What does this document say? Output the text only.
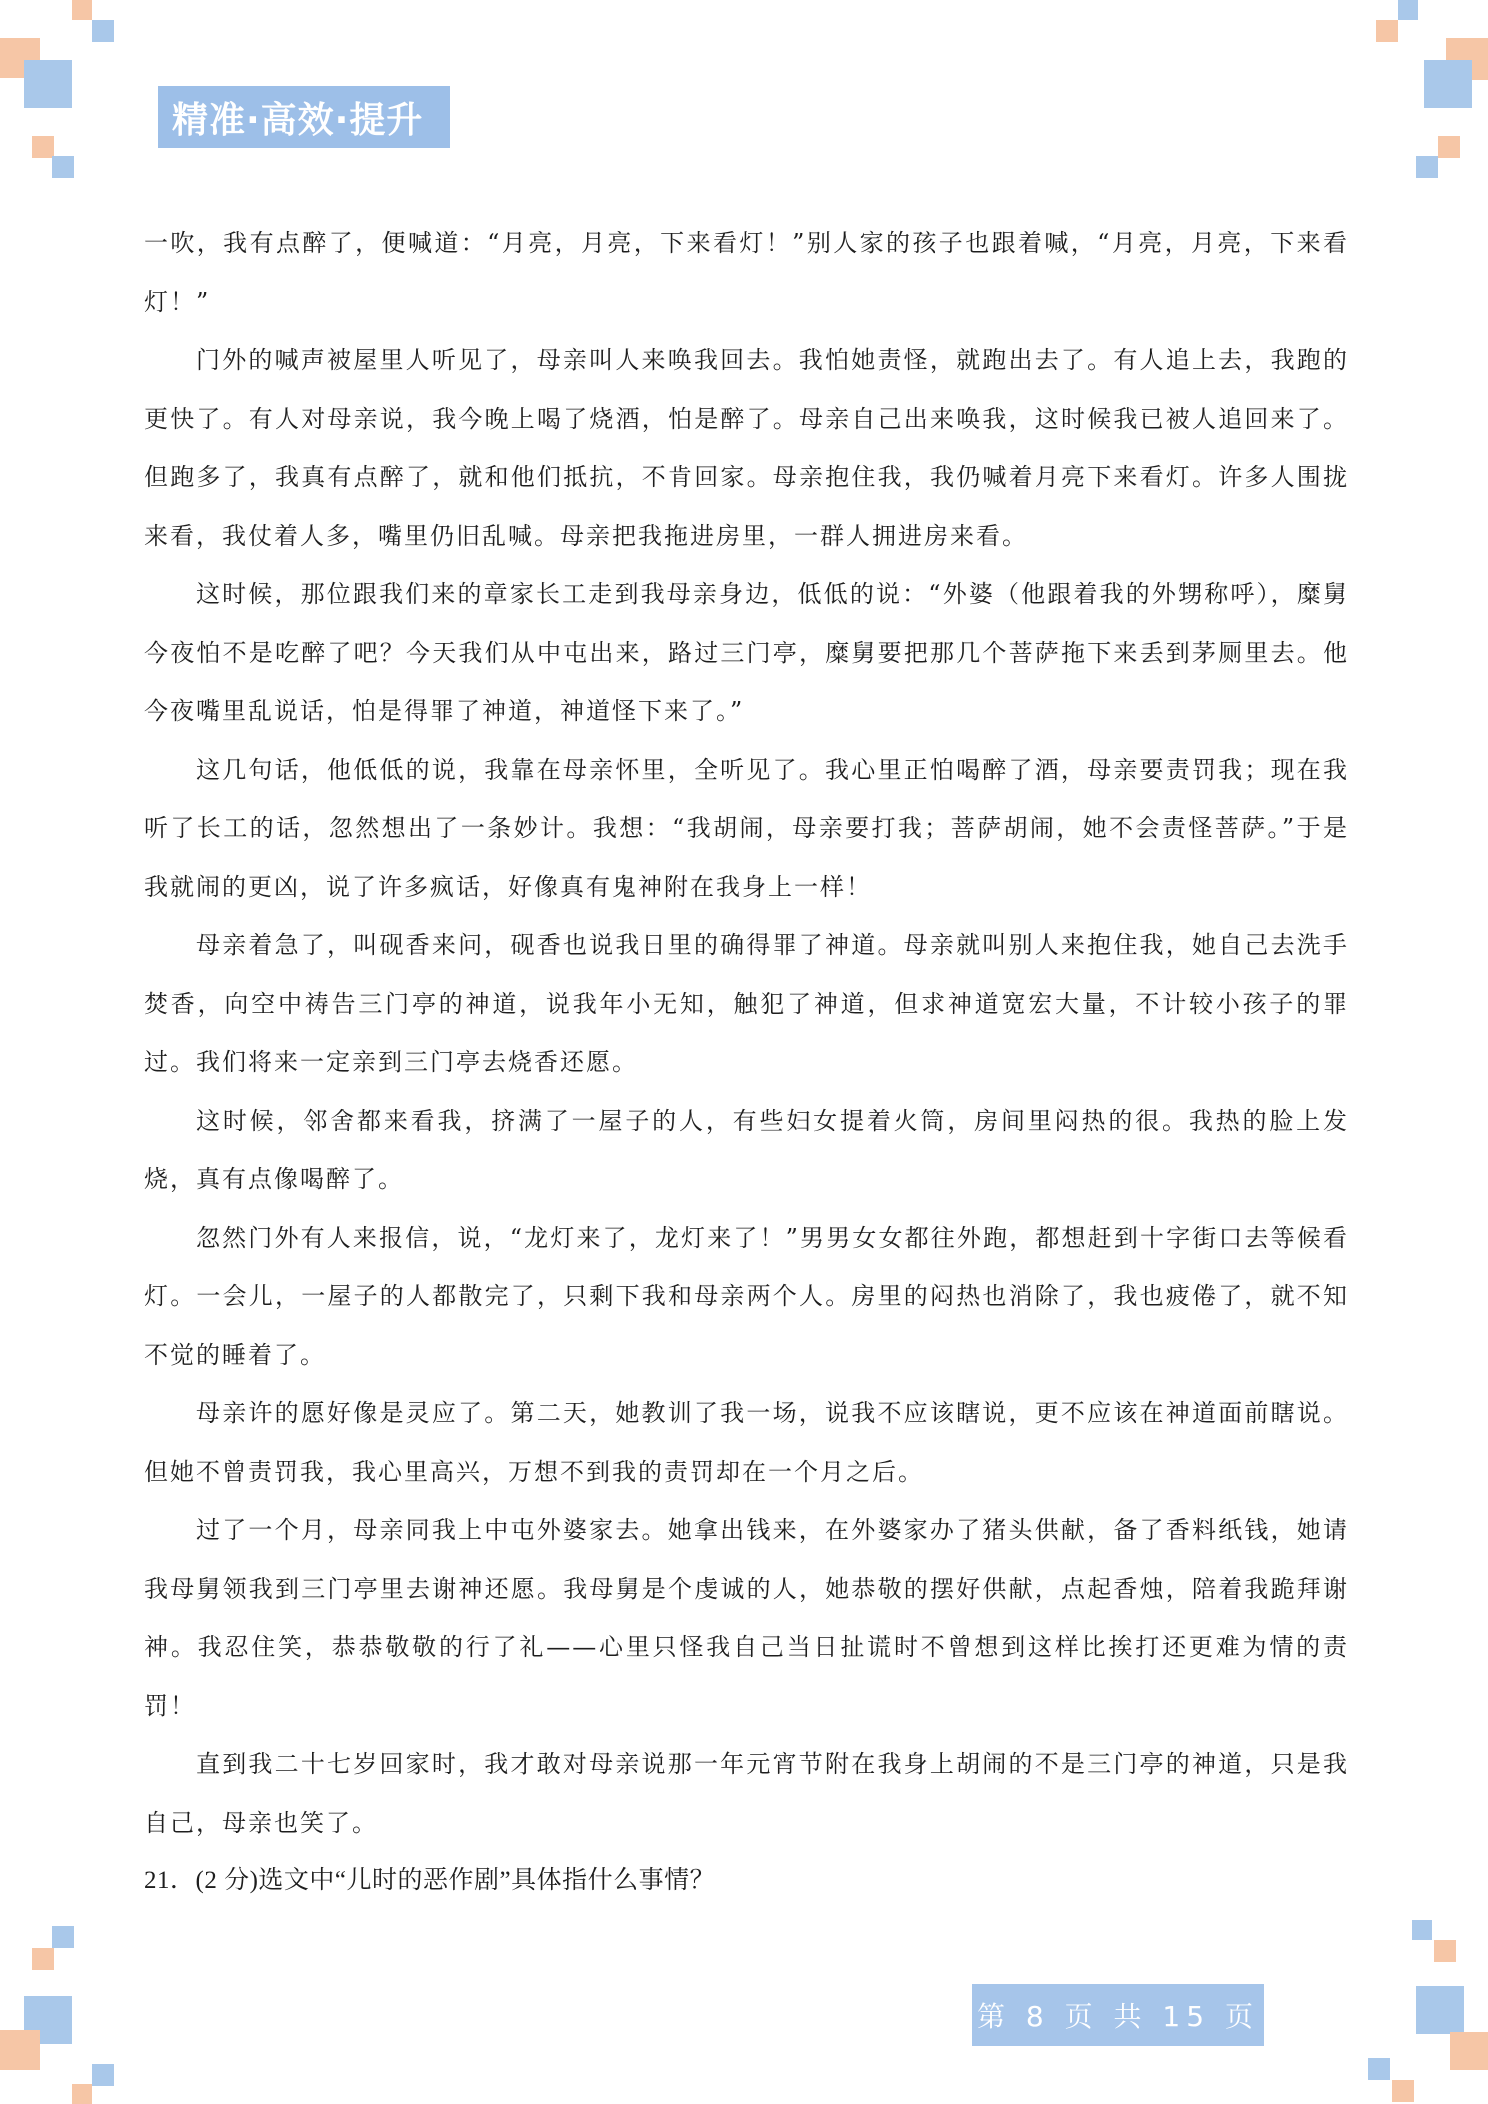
精准·高效·提升

一吹，我有点醉了，便喊道：“月亮，月亮，下来看灯！”别人家的孩子也跟着喊，“月亮，月亮，下来看灯！”

门外的喊声被屋里人听见了，母亲叫人来唤我回去。我怕她责怪，就跑出去了。有人追上去，我跑的更快了。有人对母亲说，我今晚上喝了烧酒，怕是醉了。母亲自己出来唤我，这时候我已被人追回来了。但跑多了，我真有点醉了，就和他们抵抗，不肯回家。母亲抱住我，我仍喊着月亮下来看灯。许多人围拢来看，我仗着人多，嘴里仍旧乱喊。母亲把我拖进房里，一群人拥进房来看。

这时候，那位跟我们来的章家长工走到我母亲身边，低低的说：“外婆（他跟着我的外甥称呼），糜舅今夜怕不是吃醉了吧？今天我们从中屯出来，路过三门亭，糜舅要把那几个菩萨拖下来丢到茅厕里去。他今夜嘴里乱说话，怕是得罪了神道，神道怪下来了。”

这几句话，他低低的说，我靠在母亲怀里，全听见了。我心里正怕喝醉了酒，母亲要责罚我；现在我听了长工的话，忽然想出了一条妙计。我想：“我胡闹，母亲要打我；菩萨胡闹，她不会责怪菩萨。”于是我就闹的更凶，说了许多疯话，好像真有鬼神附在我身上一样！

母亲着急了，叫砚香来问，砚香也说我日里的确得罪了神道。母亲就叫别人来抱住我，她自己去洗手焚香，向空中祷告三门亭的神道，说我年小无知，触犯了神道，但求神道宽宏大量，不计较小孩子的罪过。我们将来一定亲到三门亭去烧香还愿。

这时候，邻舍都来看我，挤满了一屋子的人，有些妇女提着火筒，房间里闷热的很。我热的脸上发烧，真有点像喝醉了。

忽然门外有人来报信，说，“龙灯来了，龙灯来了！”男男女女都往外跑，都想赶到十字街口去等候看灯。一会儿，一屋子的人都散完了，只剩下我和母亲两个人。房里的闷热也消除了，我也疲倦了，就不知不觉的睡着了。

母亲许的愿好像是灵应了。第二天，她教训了我一场，说我不应该瞎说，更不应该在神道面前瞎说。但她不曾责罚我，我心里高兴，万想不到我的责罚却在一个月之后。

过了一个月，母亲同我上中屯外婆家去。她拿出钱来，在外婆家办了猪头供献，备了香料纸钱，她请我母舅领我到三门亭里去谢神还愿。我母舅是个虔诚的人，她恭敬的摆好供献，点起香烛，陪着我跪拜谢神。我忍住笑，恭恭敬敬的行了礼——心里只怪我自己当日扯谎时不曾想到这样比挨打还更难为情的责罚！

直到我二十七岁回家时，我才敢对母亲说那一年元宵节附在我身上胡闹的不是三门亭的神道，只是我自己，母亲也笑了。

21．(2 分)选文中“儿时的恶作剧”具体指什么事情？

第 8 页 共 15 页
